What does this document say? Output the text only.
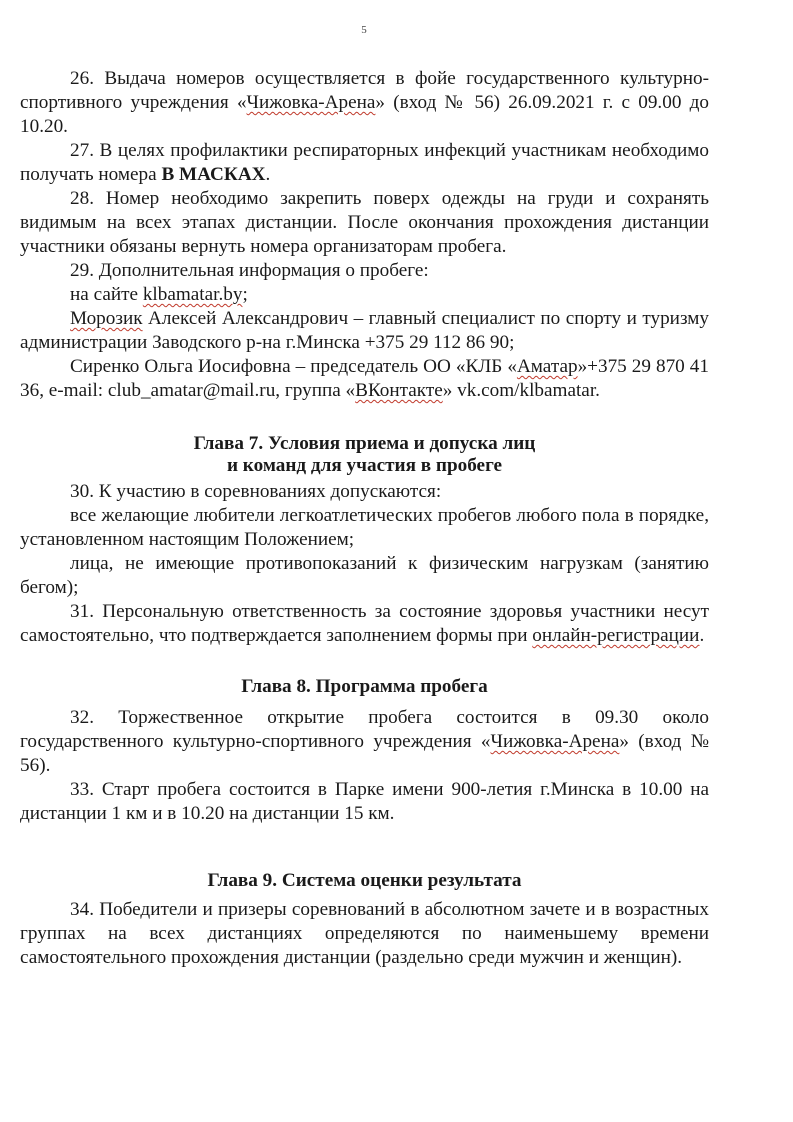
5

26. Выдача номеров осуществляется в фойе государственного культурно-спортивного учреждения «Чижовка-Арена» (вход № 56) 26.09.2021 г. с 09.00 до 10.20.

27. В целях профилактики респираторных инфекций участникам необходимо получать номера В МАСКАХ.

28. Номер необходимо закрепить поверх одежды на груди и сохранять видимым на всех этапах дистанции. После окончания прохождения дистанции участники обязаны вернуть номера организаторам пробега.

29. Дополнительная информация о пробеге:

на сайте klbamatar.by;

Морозик Алексей Александрович – главный специалист по спорту и туризму администрации Заводского р-на г.Минска +375 29 112 86 90;

Сиренко Ольга Иосифовна – председатель ОО «КЛБ «Аматар»+375 29 870 41 36, e-mail: club_amatar@mail.ru, группа «ВКонтакте» vk.com/klbamatar.

Глава 7. Условия приема и допуска лиц
и команд для участия в пробеге

30. К участию в соревнованиях допускаются:

все желающие любители легкоатлетических пробегов любого пола в порядке, установленном настоящим Положением;

лица, не имеющие противопоказаний к физическим нагрузкам (занятию бегом);

31. Персональную ответственность за состояние здоровья участники несут самостоятельно, что подтверждается заполнением формы при онлайн-регистрации.

Глава 8. Программа пробега

32. Торжественное открытие пробега состоится в 09.30 около государственного культурно-спортивного учреждения «Чижовка-Арена» (вход № 56).

33. Старт пробега состоится в Парке имени 900-летия г.Минска в 10.00 на дистанции 1 км и в 10.20 на дистанции 15 км.

Глава 9. Система оценки результата

34. Победители и призеры соревнований в абсолютном зачете и в возрастных группах на всех дистанциях определяются по наименьшему времени самостоятельного прохождения дистанции (раздельно среди мужчин и женщин).
